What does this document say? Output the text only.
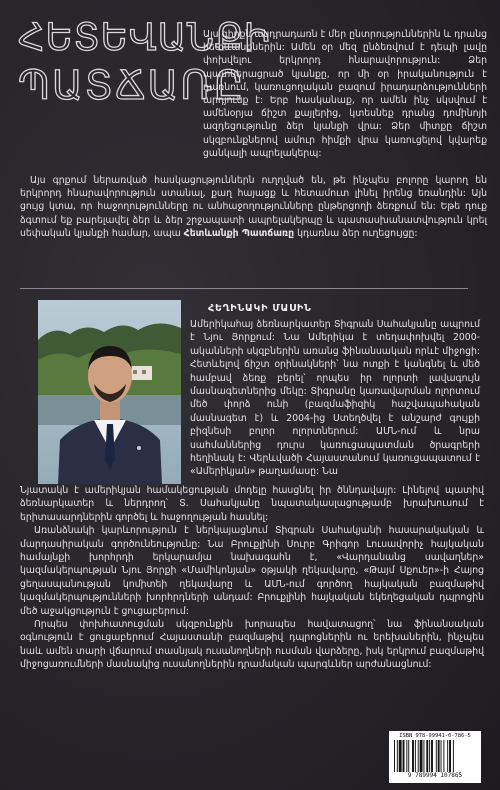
ՀԵՏԵՎԱՆՔԻ
ՊԱՏՃԱՌԸ

Այս գիրքն անդրադառն է մեր ընտրություններին և դրանց հետևանքներին: Ամեն օր մեզ ընձեռվում է դեպի լավը փոխվելու երկրորդ հնարավորություն: Ձեր պատկերացրած կյանքը, որ մի օր իրականություն է դառնում, կառուցողական բազում իրադարձությունների արդյունք է: Երբ հասկանաք, որ ամեն ինչ սկսվում է ամենօրյա ճիշտ քայլերից, կտեսնեք դրանց դոմինոյի ազդեցությունը ձեր կյանքի վրա: Ձեր միտքը ճիշտ սկզբունքներով ամուր հիմքի վրա կառուցելով կվարեք ցանկալի ապրելակերպ:

Այս գրքում ներառված հասկացություններն ուղղված են, թե ինչպես բոլորը կարող են երկրորդ հնարավորություն ստանալ, քաղ հայացք և հետամուտ լինել իրենց եռանդին: Այն ցույց կտա, որ հաջողությունները ու անհաջողությունները ընթերցողի ձեռքում են: Եթե դուք ձգտում եք բարելավել ձեր և ձեր շրջապատի ապրելակերպը և պատասխանատվություն կրել սեփական կյանքի համար, ապա Հետևանքի Պատճառը կդառնա ձեր ուղեցույցը:

ՀԵՂԻՆԱԿԻ ՄԱՍԻՆ
Ամերիկահայ ձեռնարկատեր Տիգրան Սահակյանը ապրում է Նյու Յորքում: Նա Ամերիկա է տեղափոխվել 2000-ականների սկզբներին առանց ֆինանսական որևէ միջոցի: Հետևելով ճիշտ օրինակների՝ նա ոտքի է կանգնել և մեծ համբավ ձեռք բերել՝ որպես իր ոլորտի լավագույն մասնագետներից մեկը: Տիգրանը կառավարման ոլորտում մեծ փորձ ունի (բազմաֆիզիկ հաշվապահական մասնագետ է) և 2004-ից Ստեղծվել է անշարժ գույքի բիզնեսի բոլոր ոլորտներում: ԱՄՆ-ում և նրա սահմաններից դուրս կառուցապատման ծրագրերի հեղինակ է: Վերևվածի Հայաստանում կառուցապատում է «Ամերիկյան» թաղամասը: Նա

Նյատակն է ամերիկյան համակեցության մոդելը հասցնել իր ծննդավայր: Լինելով պատիվ ձեռնարկատեր և ներդրող՝ Տ. Սահակյանը նպատակասլացությամբ խրախուսում է երիտասարդներին գործել և հաջողության հասնել:

Առանձնակի կարևորություն է ներկայացնում Տիգրան Սահակյանի հասարակական և մարդասիրական գործունեությունը: Նա Բրուքլինի Սուրբ Գրիգոր Լուսավորիչ հայկական համայնքի խորհրդի երկարամյա նախագահն է, «Վարդանանց սավաղներ» կազմակերպության Նյու Յորքի «Մամիկոնյան» օթյակի ղեկավարը, «Թայմ Սքուեր»-ի Հայոց ցեղասպանության կոմիտեի ղեկավարը և ԱՄՆ-ում գործող հայկական բազմաթիվ կազմակերպությունների խորհրդների անդամ: Բրուքլինի հայկական եկեղեցական դպրոցին մեծ աջակցություն է ցուցաբերում:

Որպես փոխհատուցման սկզբունքին խորապես հավատացող՝ նա ֆինանսական օգնություն է ցուցաբերում Հայաստանի բազմաթիվ դպրոցներին ու երեխաներին, ինչպես նաև ամեն տարի վճարում տասնյակ ուսանողների ուսման վարձերը, իսկ երկրում բազմաթիվ միջոցառումների մասնակից ուսանողներին դրամական պարգևներ արժանացնում:

ISBN 978-99941-0-786-5
9 789994 107865
